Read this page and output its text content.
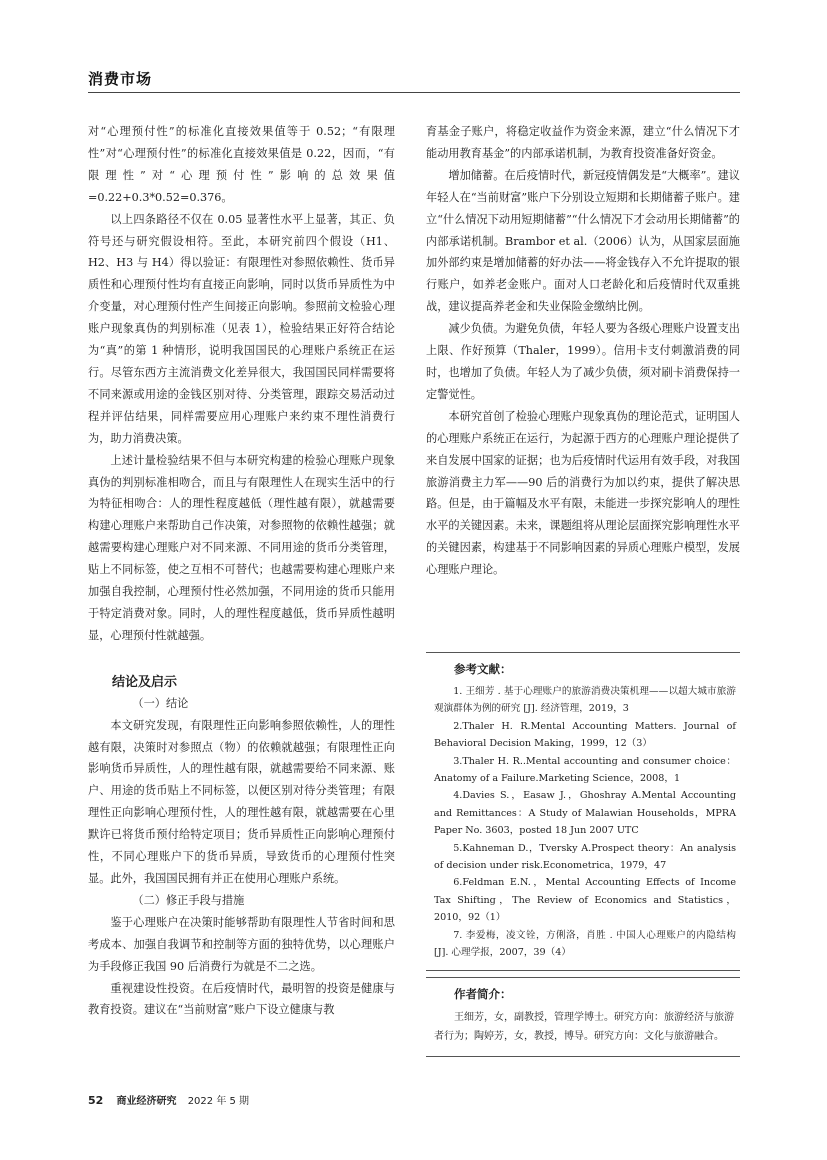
消费市场

对“心理预付性”的标准化直接效果值等于 0.52；“有限理性”对“心理预付性”的标准化直接效果值是 0.22，因而，“有限理性”对“心理预付性”影响的总效果值=0.22+0.3*0.52=0.376。

以上四条路径不仅在 0.05 显著性水平上显著，其正、负符号还与研究假设相符。至此，本研究前四个假设（H1、H2、H3 与 H4）得以验证：有限理性对参照依赖性、货币异质性和心理预付性均有直接正向影响，同时以货币异质性为中介变量，对心理预付性产生间接正向影响。参照前文检验心理账户现象真伪的判别标准（见表 1），检验结果正好符合结论为“真”的第 1 种情形，说明我国国民的心理账户系统正在运行。尽管东西方主流消费文化差异很大，我国国民同样需要将不同来源或用途的金钱区别对待、分类管理，跟踪交易活动过程并评估结果，同样需要应用心理账户来约束不理性消费行为，助力消费决策。

上述计量检验结果不但与本研究构建的检验心理账户现象真伪的判别标准相吻合，而且与有限理性人在现实生活中的行为特征相吻合：人的理性程度越低（理性越有限），就越需要构建心理账户来帮助自己作决策，对参照物的依赖性越强；就越需要构建心理账户对不同来源、不同用途的货币分类管理，贴上不同标签，使之互相不可替代；也越需要构建心理账户来加强自我控制，心理预付性必然加强，不同用途的货币只能用于特定消费对象。同时，人的理性程度越低，货币异质性越明显，心理预付性就越强。

结论及启示

（一）结论

本文研究发现，有限理性正向影响参照依赖性，人的理性越有限，决策时对参照点（物）的依赖就越强；有限理性正向影响货币异质性，人的理性越有限，就越需要给不同来源、账户、用途的货币贴上不同标签，以便区别对待分类管理；有限理性正向影响心理预付性，人的理性越有限，就越需要在心里默许已将货币预付给特定项目；货币异质性正向影响心理预付性，不同心理账户下的货币异质，导致货币的心理预付性突显。此外，我国国民拥有并正在使用心理账户系统。

（二）修正手段与措施

鉴于心理账户在决策时能够帮助有限理性人节省时间和思考成本、加强自我调节和控制等方面的独特优势，以心理账户为手段修正我国 90 后消费行为就是不二之选。

重视建设性投资。在后疫情时代，最明智的投资是健康与教育投资。建议在“当前财富”账户下设立健康与教

育基金子账户，将稳定收益作为资金来源，建立“什么情况下才能动用教育基金”的内部承诺机制，为教育投资准备好资金。

增加储蓄。在后疫情时代，新冠疫情偶发是“大概率”。建议年轻人在“当前财富”账户下分别设立短期和长期储蓄子账户。建立“什么情况下动用短期储蓄”“什么情况下才会动用长期储蓄”的内部承诺机制。Brambor et al.（2006）认为，从国家层面施加外部约束是增加储蓄的好办法——将金钱存入不允许提取的银行账户，如养老金账户。面对人口老龄化和后疫情时代双重挑战，建议提高养老金和失业保险金缴纳比例。

减少负债。为避免负债，年轻人要为各级心理账户设置支出上限、作好预算（Thaler，1999）。信用卡支付刺激消费的同时，也增加了负债。年轻人为了减少负债，须对刷卡消费保持一定警觉性。

本研究首创了检验心理账户现象真伪的理论范式，证明国人的心理账户系统正在运行，为起源于西方的心理账户理论提供了来自发展中国家的证据；也为后疫情时代运用有效手段，对我国旅游消费主力军——90 后的消费行为加以约束，提供了解决思路。但是，由于篇幅及水平有限，未能进一步探究影响人的理性水平的关键因素。未来，课题组将从理论层面探究影响理性水平的关键因素，构建基于不同影响因素的异质心理账户模型，发展心理账户理论。

参考文献：

1. 王细芳 . 基于心理账户的旅游消费决策机理——以超大城市旅游观演群体为例的研究 [J]. 经济管理，2019，3

2.Thaler H. R.Mental Accounting Matters. Journal of Behavioral Decision Making，1999，12（3）

3.Thaler H. R..Mental accounting and consumer choice：Anatomy of a Failure.Marketing Science，2008，1

4.Davies S.，Easaw J.，Ghoshray A.Mental Accounting and Remittances：A Study of Malawian Households，MPRA Paper No. 3603，posted 18 Jun 2007 UTC

5.Kahneman D.，Tversky A.Prospect theory：An analysis of decision under risk.Econometrica，1979，47

6.Feldman E.N.，Mental Accounting Effects of Income Tax Shifting，The Review of Economics and Statistics，2010，92（1）

7. 李爱梅，凌文铨，方俐洛，肖胜 . 中国人心理账户的内隐结构 [J]. 心理学报，2007，39（4）

作者简介：

王细芳，女，副教授，管理学博士。研究方向：旅游经济与旅游者行为；陶婷芳，女，教授，博导。研究方向：文化与旅游融合。

52 商业经济研究 2022 年 5 期
